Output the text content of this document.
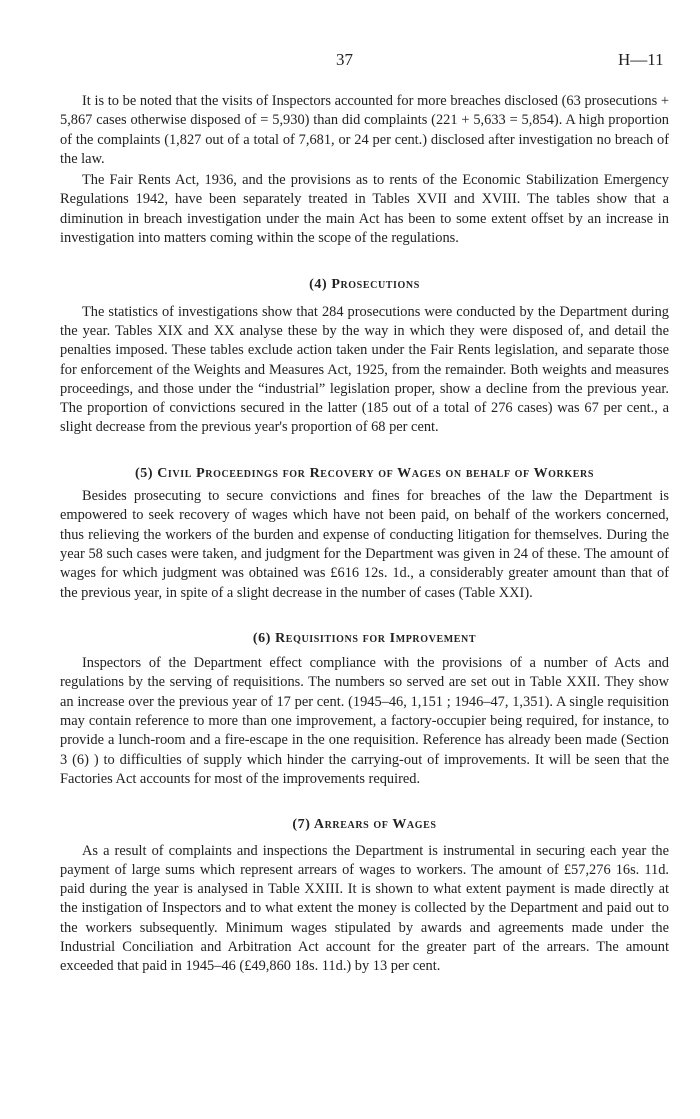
37	H—11

It is to be noted that the visits of Inspectors accounted for more breaches disclosed (63 prosecutions + 5,867 cases otherwise disposed of = 5,930) than did complaints (221 + 5,633 = 5,854). A high proportion of the complaints (1,827 out of a total of 7,681, or 24 per cent.) disclosed after investigation no breach of the law.

The Fair Rents Act, 1936, and the provisions as to rents of the Economic Stabilization Emergency Regulations 1942, have been separately treated in Tables XVII and XVIII. The tables show that a diminution in breach investigation under the main Act has been to some extent offset by an increase in investigation into matters coming within the scope of the regulations.

(4) Prosecutions

The statistics of investigations show that 284 prosecutions were conducted by the Department during the year. Tables XIX and XX analyse these by the way in which they were disposed of, and detail the penalties imposed. These tables exclude action taken under the Fair Rents legislation, and separate those for enforcement of the Weights and Measures Act, 1925, from the remainder. Both weights and measures proceedings, and those under the “industrial” legislation proper, show a decline from the previous year. The proportion of convictions secured in the latter (185 out of a total of 276 cases) was 67 per cent., a slight decrease from the previous year's proportion of 68 per cent.

(5) Civil Proceedings for Recovery of Wages on behalf of Workers

Besides prosecuting to secure convictions and fines for breaches of the law the Department is empowered to seek recovery of wages which have not been paid, on behalf of the workers concerned, thus relieving the workers of the burden and expense of conducting litigation for themselves. During the year 58 such cases were taken, and judgment for the Department was given in 24 of these. The amount of wages for which judgment was obtained was £616 12s. 1d., a considerably greater amount than that of the previous year, in spite of a slight decrease in the number of cases (Table XXI).

(6) Requisitions for Improvement

Inspectors of the Department effect compliance with the provisions of a number of Acts and regulations by the serving of requisitions. The numbers so served are set out in Table XXII. They show an increase over the previous year of 17 per cent. (1945–46, 1,151 ; 1946–47, 1,351). A single requisition may contain reference to more than one improvement, a factory-occupier being required, for instance, to provide a lunch-room and a fire-escape in the one requisition. Reference has already been made (Section 3 (6) ) to difficulties of supply which hinder the carrying-out of improvements. It will be seen that the Factories Act accounts for most of the improvements required.

(7) Arrears of Wages

As a result of complaints and inspections the Department is instrumental in securing each year the payment of large sums which represent arrears of wages to workers. The amount of £57,276 16s. 11d. paid during the year is analysed in Table XXIII. It is shown to what extent payment is made directly at the instigation of Inspectors and to what extent the money is collected by the Department and paid out to the workers subsequently. Minimum wages stipulated by awards and agreements made under the Industrial Conciliation and Arbitration Act account for the greater part of the arrears. The amount exceeded that paid in 1945–46 (£49,860 18s. 11d.) by 13 per cent.
